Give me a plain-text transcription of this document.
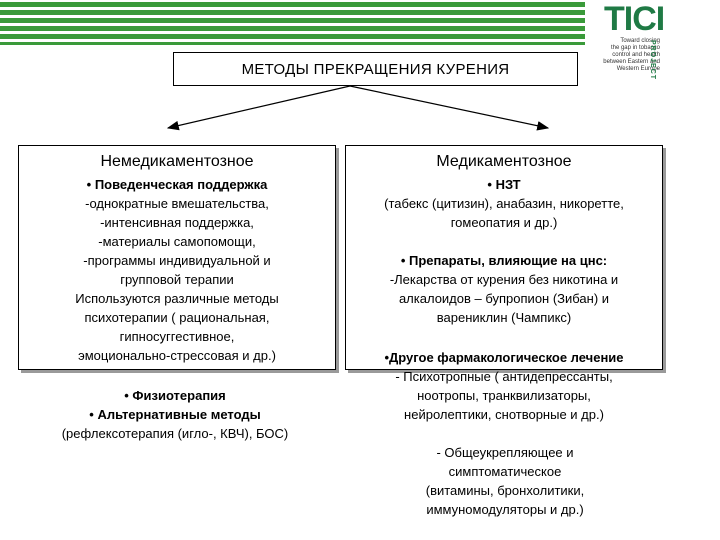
TICI
Toward closing
the gap in tobacco
control and health
between Eastern and
Western Europe
PROJECT
МЕТОДЫ ПРЕКРАЩЕНИЯ КУРЕНИЯ
Немедикаментозное
• Поведенческая поддержка
-однократные вмешательства,
-интенсивная поддержка,
-материалы самопомощи,
-программы индивидуальной и
групповой терапии
Используются различные методы
психотерапии ( рациональная,
гипносуггестивное,
эмоционально-стрессовая и др.)
• Физиотерапия
• Альтернативные методы
(рефлексотерапия (игло-, КВЧ), БОС)
Медикаментозное
• НЗТ
(табекс (цитизин), анабазин, никоретте,
гомеопатия и др.)
• Препараты, влияющие на цнс:
-Лекарства от курения без никотина и
алкалоидов – бупропион (Зибан) и
варениклин (Чампикс)
•Другое фармакологическое лечение
- Психотропные ( антидепрессанты,
ноотропы, транквилизаторы,
нейролептики, снотворные и др.)
- Общеукрепляющее и
симптоматическое
(витамины, бронхолитики,
иммуномодуляторы и др.)
